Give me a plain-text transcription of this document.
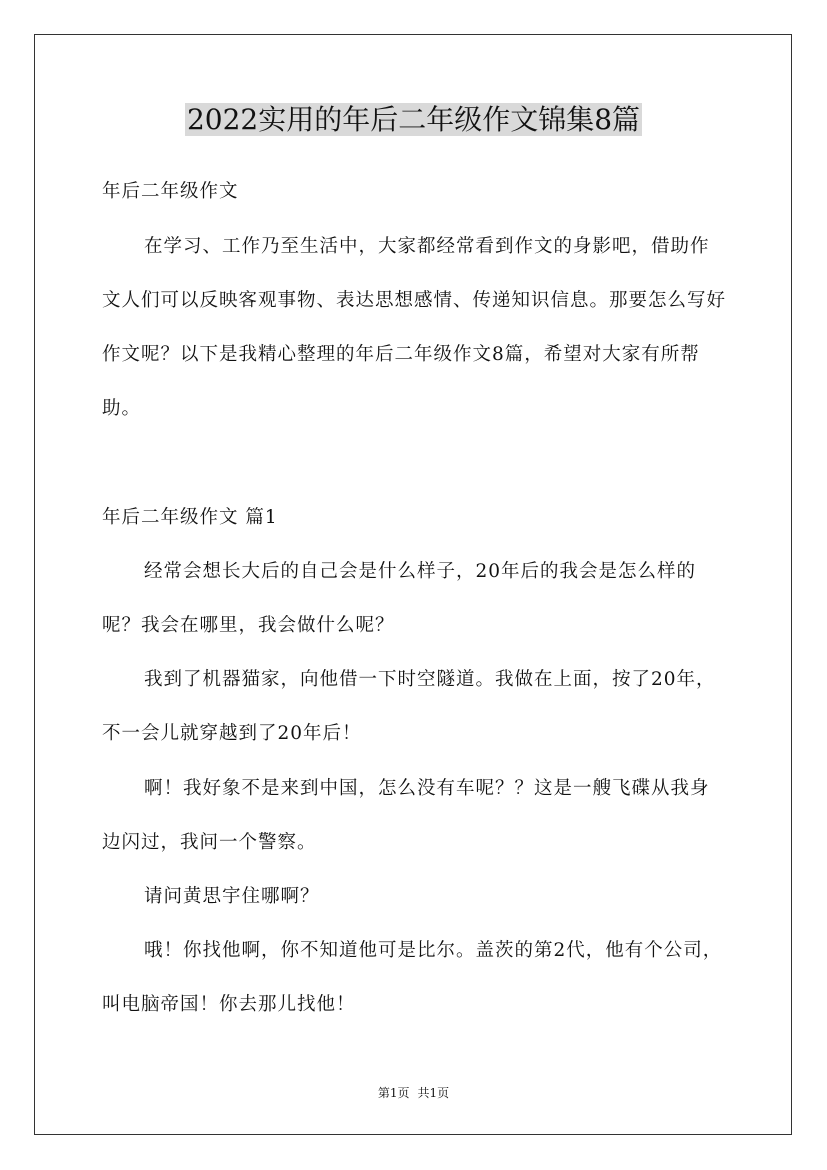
2022实用的年后二年级作文锦集8篇
年后二年级作文
在学习、工作乃至生活中，大家都经常看到作文的身影吧，借助作文人们可以反映客观事物、表达思想感情、传递知识信息。那要怎么写好作文呢？以下是我精心整理的年后二年级作文8篇，希望对大家有所帮助。
年后二年级作文 篇1
经常会想长大后的自己会是什么样子，20年后的我会是怎么样的呢？我会在哪里，我会做什么呢？
我到了机器猫家，向他借一下时空隧道。我做在上面，按了20年，不一会儿就穿越到了20年后！
啊！我好象不是来到中国，怎么没有车呢？？这是一艘飞碟从我身边闪过，我问一个警察。
请问黄思宇住哪啊？
哦！你找他啊，你不知道他可是比尔。盖茨的第2代，他有个公司，叫电脑帝国！你去那儿找他！
第1页 共1页
